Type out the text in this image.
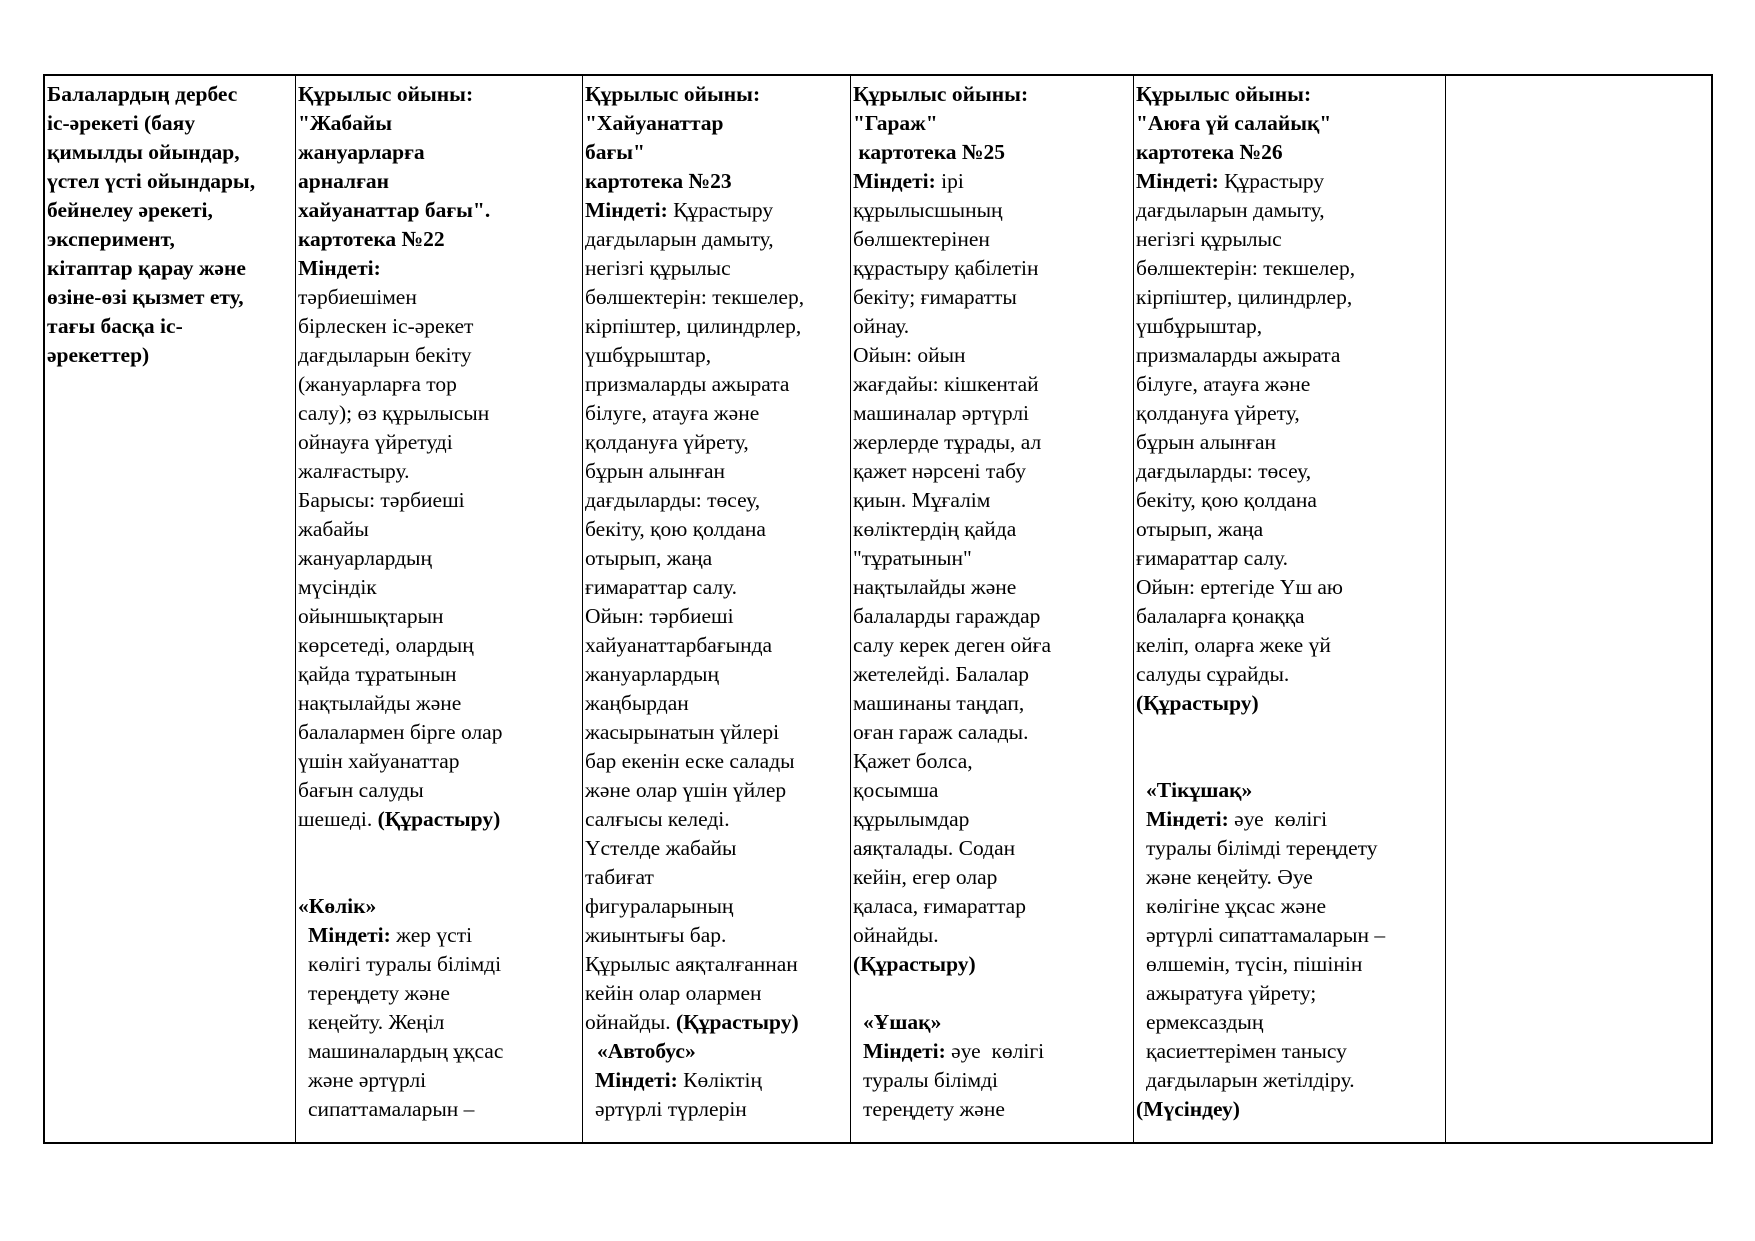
Балалардың дербес
іс-әрекеті (баяу
қимылды ойындар,
үстел үсті ойындары,
бейнелеу әрекеті,
эксперимент,
кітаптар қарау және
өзіне-өзі қызмет ету,
тағы басқа іс-
әрекеттер)
Құрылыс ойыны:
"Жабайы
жануарларға
арналған
хайуанаттар бағы".
картотека №22
Міндеті:
тәрбиешімен
бірлескен іс-әрекет
дағдыларын бекіту
(жануарларға тор
салу); өз құрылысын
ойнауға үйретуді
жалғастыру.
Барысы: тәрбиеші
жабайы
жануарлардың
мүсіндік
ойыншықтарын
көрсетеді, олардың
қайда тұратынын
нақтылайды және
балалармен бірге олар
үшін хайуанаттар
бағын салуды
шешеді. (Құрастыру)
«Көлік»
Міндеті: жер үсті
көлігі туралы білімді
тереңдету және
кеңейту. Жеңіл
машиналардың ұқсас
және әртүрлі
сипаттамаларын –
Құрылыс ойыны:
"Хайуанаттар
бағы"
картотека №23
Міндеті: Құрастыру
дағдыларын дамыту,
негізгі құрылыс
бөлшектерін: текшелер,
кірпіштер, цилиндрлер,
үшбұрыштар,
призмаларды ажырата
білуге, атауға және
қолдануға үйрету,
бұрын алынған
дағдыларды: төсеу,
бекіту, қою қолдана
отырып, жаңа
ғимараттар салу.
Ойын: тәрбиеші
хайуанаттарбағында
жануарлардың
жаңбырдан
жасырынатын үйлері
бар екенін еске салады
және олар үшін үйлер
салғысы келеді.
Үстелде жабайы
табиғат
фигураларының
жиынтығы бар.
Құрылыс аяқталғаннан
кейін олар олармен
ойнайды. (Құрастыру)
«Автобус»
Міндеті: Көліктің
әртүрлі түрлерін
Құрылыс ойыны:
"Гараж"
картотека №25
Міндеті: ірі
құрылысшының
бөлшектерінен
құрастыру қабілетін
бекіту; ғимаратты
ойнау.
Ойын: ойын
жағдайы: кішкентай
машиналар әртүрлі
жерлерде тұрады, ал
қажет нәрсені табу
қиын. Мұғалім
көліктердің қайда
"тұратынын"
нақтылайды және
балаларды гараждар
салу керек деген ойға
жетелейді. Балалар
машинаны таңдап,
оған гараж салады.
Қажет болса,
қосымша
құрылымдар
аяқталады. Содан
кейін, егер олар
қаласа, ғимараттар
ойнайды.
(Құрастыру)
«Ұшақ»
Міндеті: әуе  көлігі
туралы білімді
тереңдету және
Құрылыс ойыны:
"Аюға үй салайық"
картотека №26
Міндеті: Құрастыру
дағдыларын дамыту,
негізгі құрылыс
бөлшектерін: текшелер,
кірпіштер, цилиндрлер,
үшбұрыштар,
призмаларды ажырата
білуге, атауға және
қолдануға үйрету,
бұрын алынған
дағдыларды: төсеу,
бекіту, қою қолдана
отырып, жаңа
ғимараттар салу.
Ойын: ертегіде Үш аю
балаларға қонаққа
келіп, оларға жеке үй
салуды сұрайды.
(Құрастыру)
«Тікұшақ»
Міндеті: әуе  көлігі
туралы білімді тереңдету
және кеңейту. Әуе
көлігіне ұқсас және
әртүрлі сипаттамаларын –
өлшемін, түсін, пішінін
ажыратуға үйрету;
ермексаздың
қасиеттерімен танысу
дағдыларын жетілдіру.
(Мүсіндеу)
